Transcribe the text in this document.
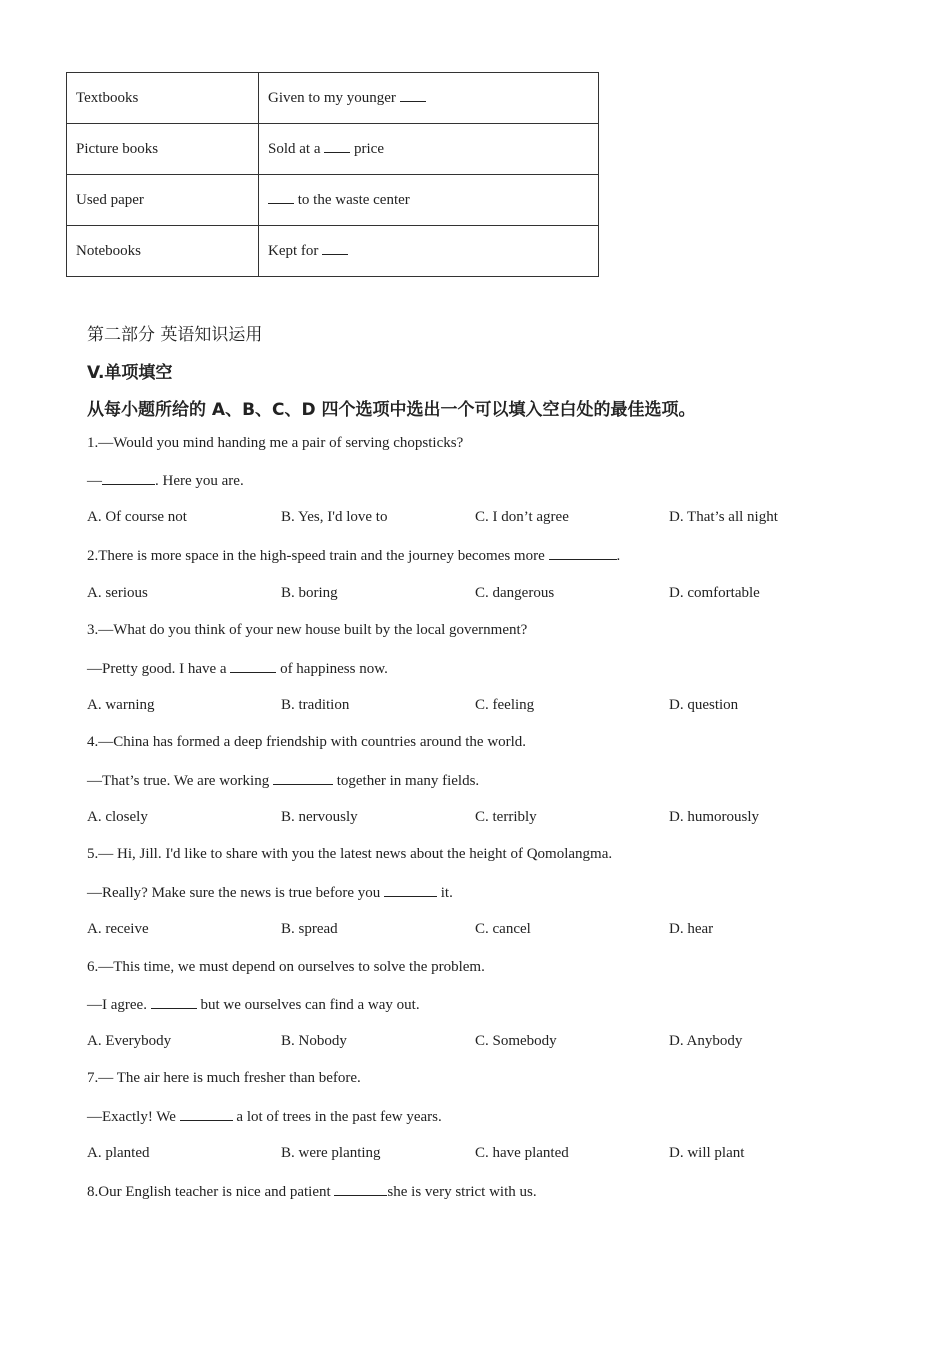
Textbooks	Given to my younger
Picture books	Sold at a  price
Used paper	to the waste center
Notebooks	Kept for
第二部分 英语知识运用
V.单项填空
从每小题所给的 A、B、C、D 四个选项中选出一个可以填入空白处的最佳选项。
1.—Would you mind handing me a pair of serving chopsticks?
—	. Here you are.
A. Of course not	B. Yes, I'd love to	C. I don’t agree	D. That’s all night
2.There is more space in the high-speed train and the journey becomes more	.
A. serious	B. boring	C. dangerous	D. comfortable
3.—What do you think of your new house built by the local government?
—Pretty good. I have a	of happiness now.
A. warning	B. tradition	C. feeling	D. question
4.—China has formed a deep friendship with countries around the world.
—That’s true. We are working	together in many fields.
A. closely	B. nervously	C. terribly	D. humorously
5.— Hi, Jill. I'd like to share with you the latest news about the height of Qomolangma.
—Really? Make sure the news is true before you	it.
A. receive	B. spread	C. cancel	D. hear
6.—This time, we must depend on ourselves to solve the problem.
—I agree.	but we ourselves can find a way out.
A. Everybody	B. Nobody	C. Somebody	D. Anybody
7.— The air here is much fresher than before.
—Exactly! We	a lot of trees in the past few years.
A. planted	B. were planting	C. have planted	D. will plant
8.Our English teacher is nice and patient	she is very strict with us.
